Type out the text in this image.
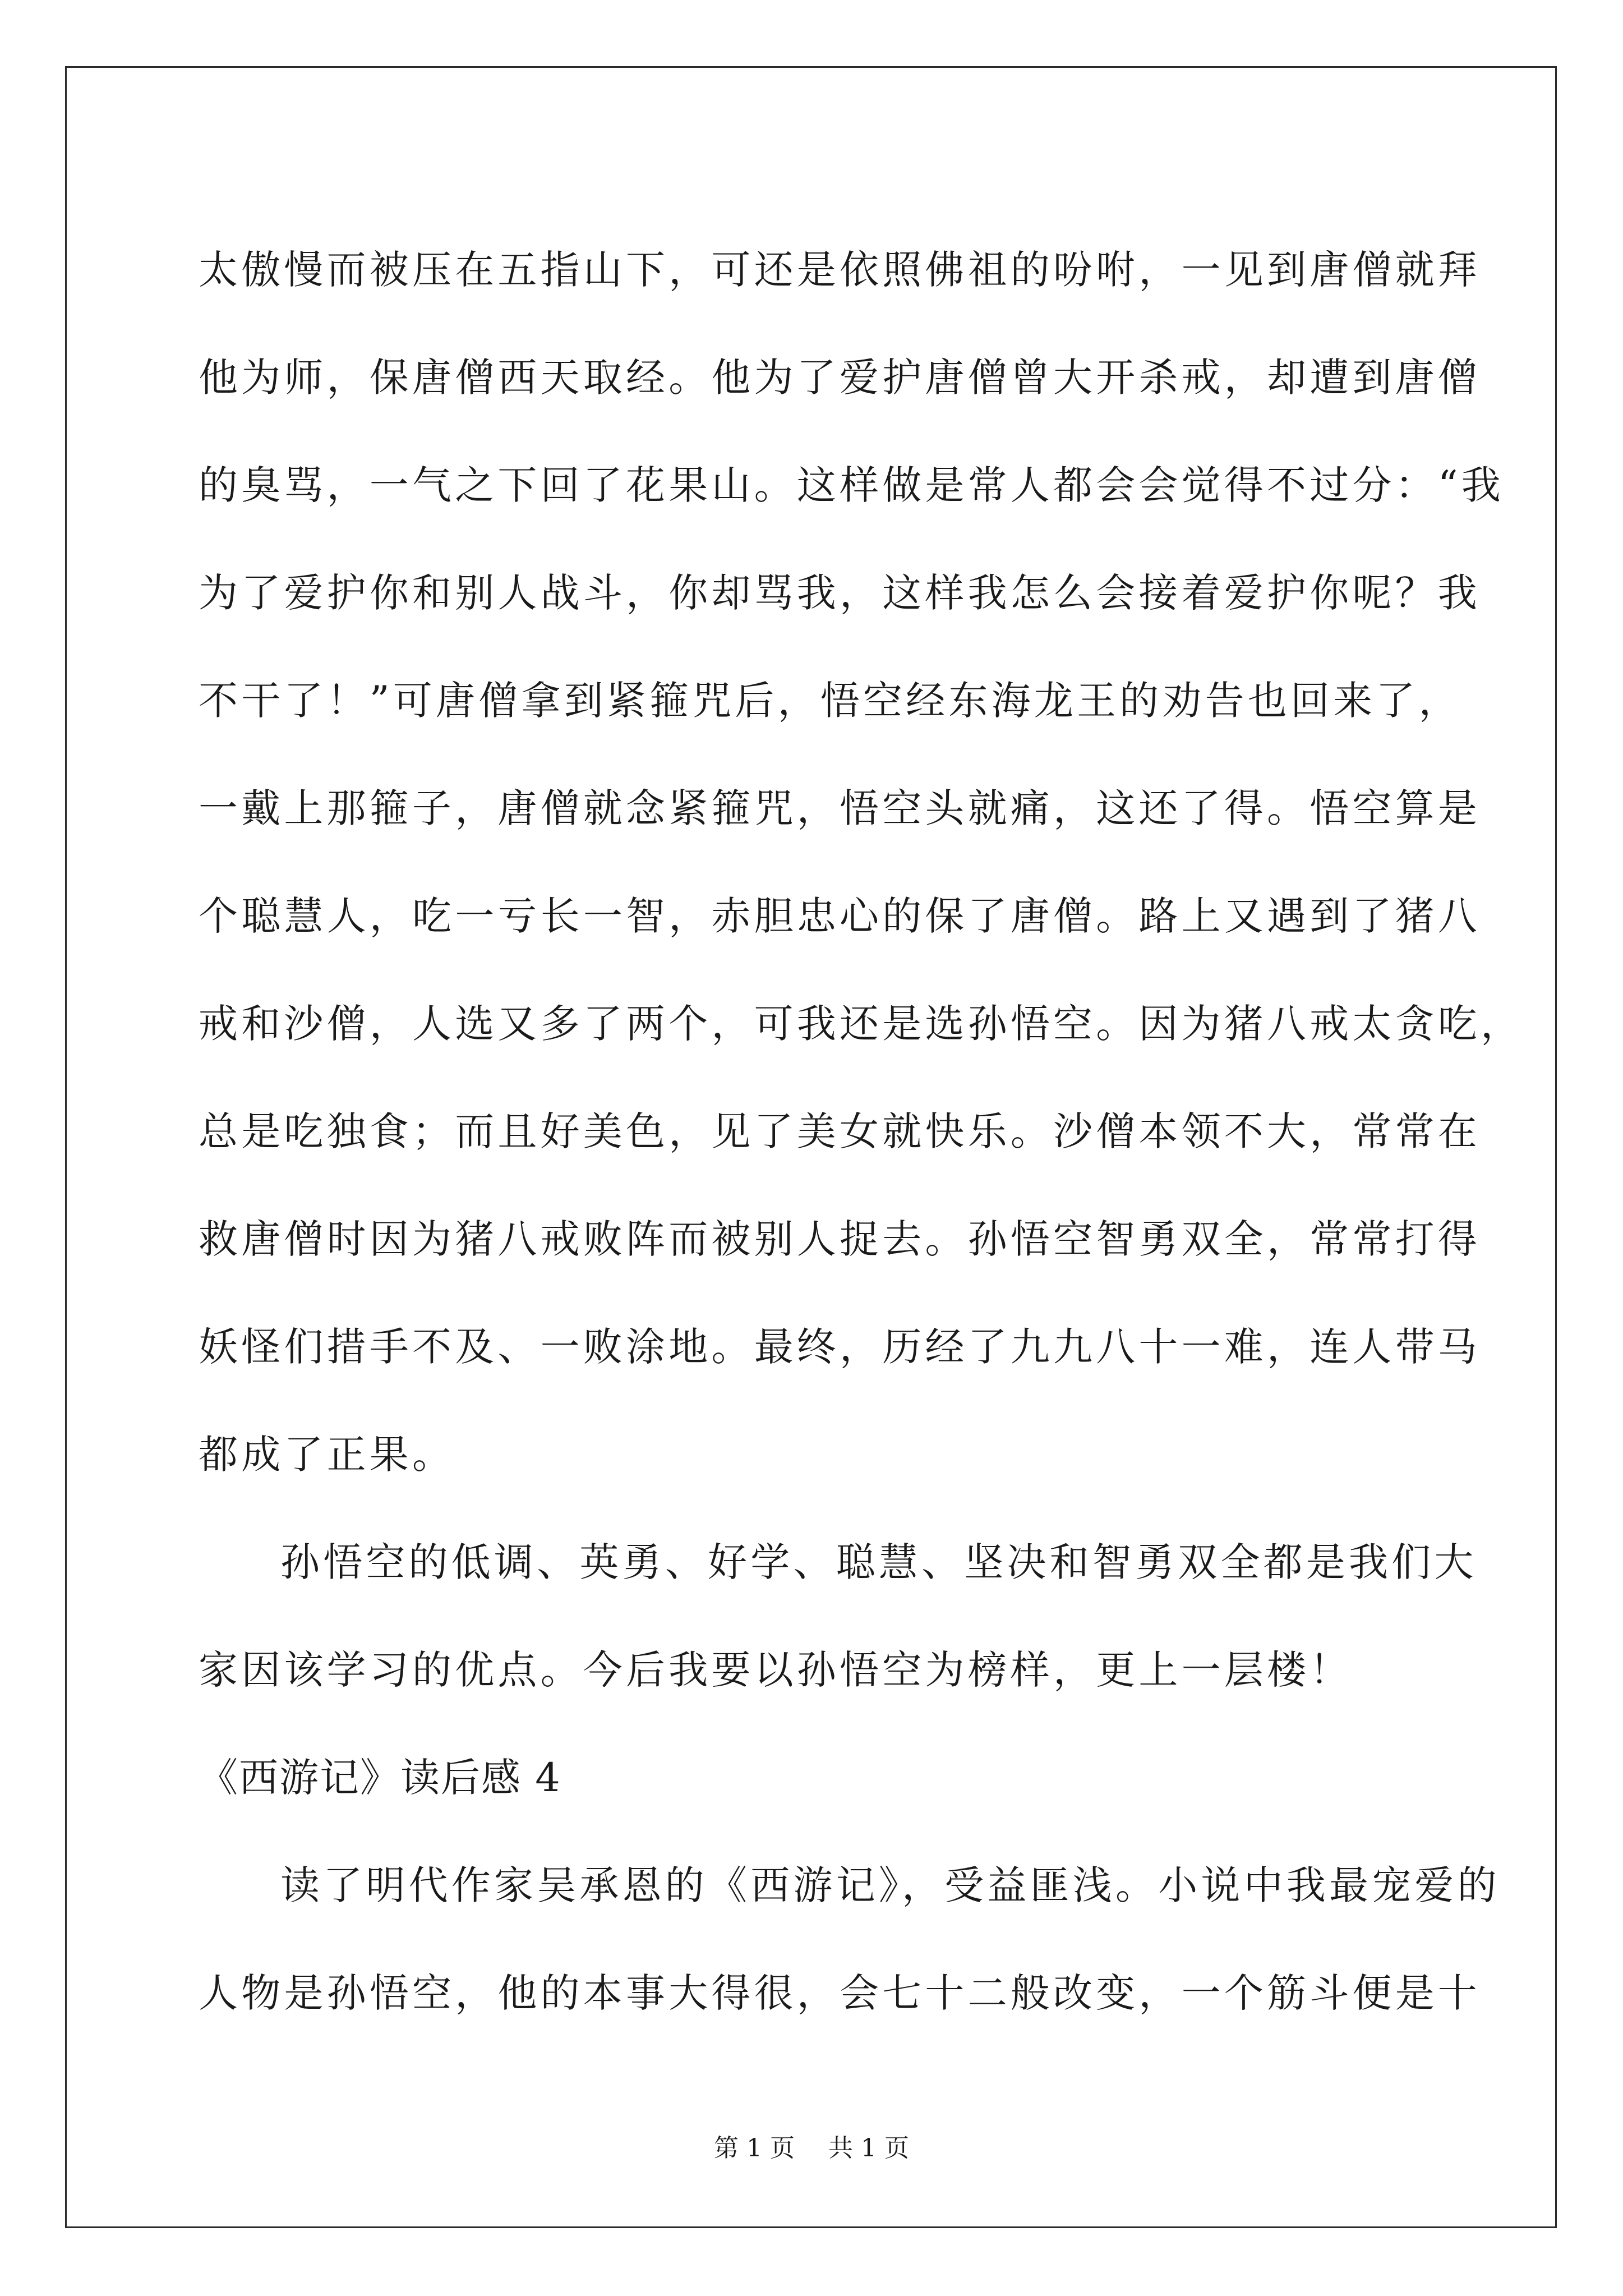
太傲慢而被压在五指山下，可还是依照佛祖的吩咐，一见到唐僧就拜
他为师，保唐僧西天取经。他为了爱护唐僧曾大开杀戒，却遭到唐僧
的臭骂，一气之下回了花果山。这样做是常人都会会觉得不过分：“我
为了爱护你和别人战斗，你却骂我，这样我怎么会接着爱护你呢？我
不干了！”可唐僧拿到紧箍咒后，悟空经东海龙王的劝告也回来了，
一戴上那箍子，唐僧就念紧箍咒，悟空头就痛，这还了得。悟空算是
个聪慧人，吃一亏长一智，赤胆忠心的保了唐僧。路上又遇到了猪八
戒和沙僧，人选又多了两个，可我还是选孙悟空。因为猪八戒太贪吃，
总是吃独食；而且好美色，见了美女就快乐。沙僧本领不大，常常在
救唐僧时因为猪八戒败阵而被别人捉去。孙悟空智勇双全，常常打得
妖怪们措手不及、一败涂地。最终，历经了九九八十一难，连人带马
都成了正果。
孙悟空的低调、英勇、好学、聪慧、坚决和智勇双全都是我们大
家因该学习的优点。今后我要以孙悟空为榜样，更上一层楼！
《西游记》读后感 4
读了明代作家吴承恩的《西游记》，受益匪浅。小说中我最宠爱的
人物是孙悟空，他的本事大得很，会七十二般改变，一个筋斗便是十
第 1 页 共 1 页
